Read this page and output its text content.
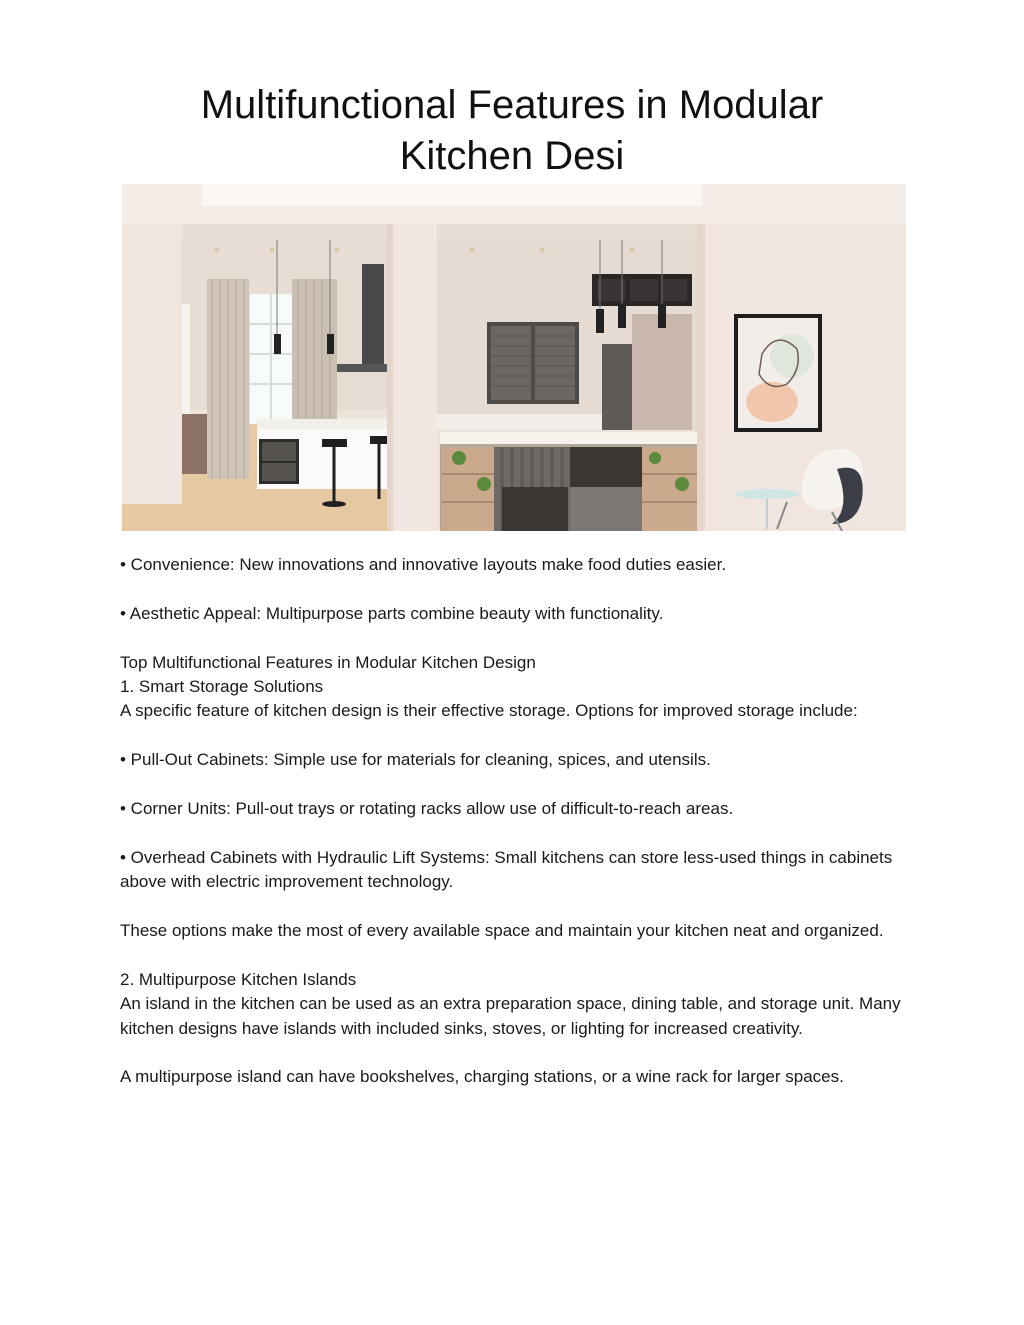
Multifunctional Features in Modular
Kitchen Desi

• Convenience: New innovations and innovative layouts make food duties easier.

• Aesthetic Appeal: Multipurpose parts combine beauty with functionality.

Top Multifunctional Features in Modular Kitchen Design

1. Smart Storage Solutions

A specific feature of kitchen design is their effective storage. Options for improved storage include:

• Pull-Out Cabinets: Simple use for materials for cleaning, spices, and utensils.

• Corner Units: Pull-out trays or rotating racks allow use of difficult-to-reach areas.

• Overhead Cabinets with Hydraulic Lift Systems: Small kitchens can store less-used things in cabinets above with electric improvement technology.

These options make the most of every available space and maintain your kitchen neat and organized.

2. Multipurpose Kitchen Islands

An island in the kitchen can be used as an extra preparation space, dining table, and storage unit. Many kitchen designs have islands with included sinks, stoves, or lighting for increased creativity.

A multipurpose island can have bookshelves, charging stations, or a wine rack for larger spaces.
